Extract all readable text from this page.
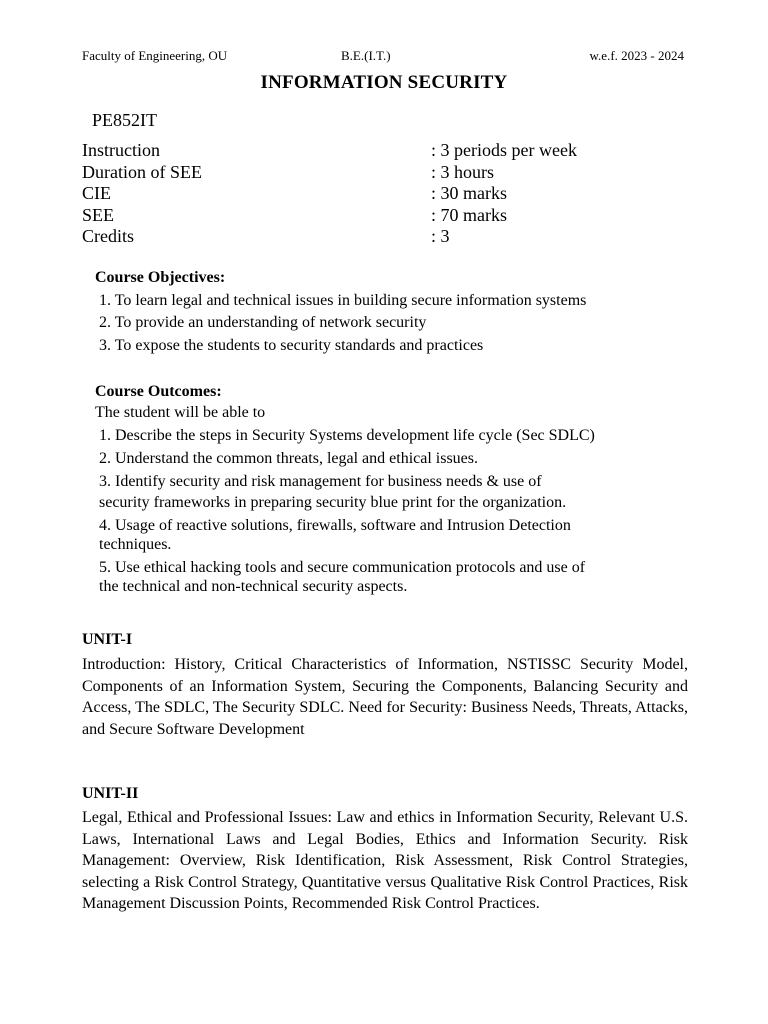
Faculty of Engineering, OU	B.E.(I.T.)	w.e.f. 2023 - 2024
INFORMATION SECURITY
PE852IT
Instruction	: 3 periods per week
Duration of SEE	: 3 hours
CIE	: 30 marks
SEE	: 70 marks
Credits	: 3
Course Objectives:
1. To learn legal and technical issues in building secure information systems
2. To provide an understanding of network security
3. To expose the students to security standards and practices
Course Outcomes:
The student will be able to
1. Describe the steps in Security Systems development life cycle (Sec SDLC)
2. Understand the common threats, legal and ethical issues.
3. Identify security and risk management for business needs & use of
security frameworks in preparing security blue print for the organization.
4. Usage of reactive solutions, firewalls, software and Intrusion Detection
techniques.
5. Use ethical hacking tools and secure communication protocols and use of
the technical and non-technical security aspects.
UNIT-I
Introduction: History, Critical Characteristics of Information, NSTISSC Security Model, Components of an Information System, Securing the Components, Balancing Security and Access, The SDLC, The Security SDLC. Need for Security: Business Needs, Threats, Attacks, and Secure Software Development
UNIT-II
Legal, Ethical and Professional Issues: Law and ethics in Information Security, Relevant U.S. Laws, International Laws and Legal Bodies, Ethics and Information Security. Risk Management: Overview, Risk Identification, Risk Assessment, Risk Control Strategies, selecting a Risk Control Strategy, Quantitative versus Qualitative Risk Control Practices, Risk Management Discussion Points, Recommended Risk Control Practices.
